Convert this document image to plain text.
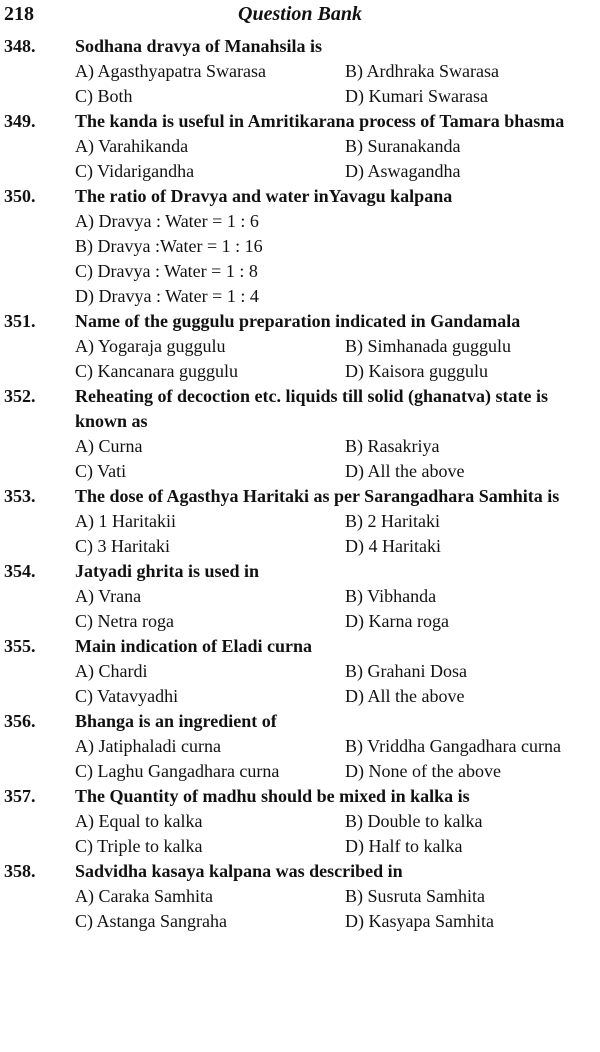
218	Question Bank
348. Sodhana dravya of Manahsila is
A) Agasthyapatra Swarasa	B) Ardhraka Swarasa
C) Both	D) Kumari Swarasa
349. The kanda is useful in Amritikarana process of Tamara bhasma
A) Varahikanda	B) Suranakanda
C) Vidarigandha	D) Aswagandha
350. The ratio of Dravya and water inYavagu kalpana
A) Dravya : Water = 1 : 6
B) Dravya :Water = 1 : 16
C) Dravya : Water = 1 : 8
D) Dravya : Water = 1 : 4
351. Name of the guggulu preparation indicated in Gandamala
A) Yogaraja guggulu	B) Simhanada guggulu
C) Kancanara guggulu	D) Kaisora guggulu
352. Reheating of decoction etc. liquids till solid (ghanatva) state is known as
A) Curna	B) Rasakriya
C) Vati	D) All the above
353. The dose of Agasthya Haritaki as per Sarangadhara Samhita is
A) 1 Haritakii	B) 2 Haritaki
C) 3 Haritaki	D) 4 Haritaki
354. Jatyadi ghrita is used in
A) Vrana	B) Vibhanda
C) Netra roga	D) Karna roga
355. Main indication of Eladi curna
A) Chardi	B) Grahani Dosa
C) Vatavyadhi	D) All the above
356. Bhanga is an ingredient of
A) Jatiphaladi curna	B) Vriddha Gangadhara curna
C) Laghu Gangadhara curna	D) None of the above
357. The Quantity of madhu should be mixed in kalka is
A) Equal to kalka	B) Double to kalka
C) Triple to kalka	D) Half to kalka
358. Sadvidha kasaya kalpana was described in
A) Caraka Samhita	B) Susruta Samhita
C) Astanga Sangraha	D) Kasyapa Samhita
